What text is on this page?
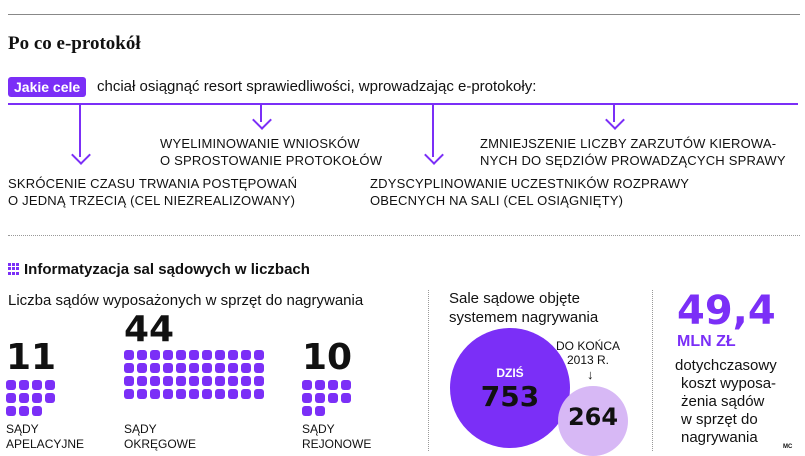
Po co e-protokół
Jakie cele	chciał osiągnąć resort sprawiedliwości, wprowadzając e-protokoły:
SKRÓCENIE CZASU TRWANIA POSTĘPOWAŃ
O JEDNĄ TRZECIĄ (CEL NIEZREALIZOWANY)
WYELIMINOWANIE WNIOSKÓW
O SPROSTOWANIE PROTOKOŁÓW
ZDYSCYPLINOWANIE UCZESTNIKÓW ROZPRAWY
OBECNYCH NA SALI (CEL OSIĄGNIĘTY)
ZMNIEJSZENIE LICZBY ZARZUTÓW KIEROWA-
NYCH DO SĘDZIÓW PROWADZĄCYCH SPRAWY
Informatyzacja sal sądowych w liczbach
Liczba sądów wyposażonych w sprzęt do nagrywania
11
SĄDY
APELACYJNE
44
SĄDY
OKRĘGOWE
10
SĄDY
REJONOWE
Sale sądowe objęte
systemem nagrywania
DZIŚ
753
DO KOŃCA
2013 R.
↓
264
49,4
MLN ZŁ
dotychczasowy
koszt wyposa-
żenia sądów
w sprzęt do
nagrywania
MC
